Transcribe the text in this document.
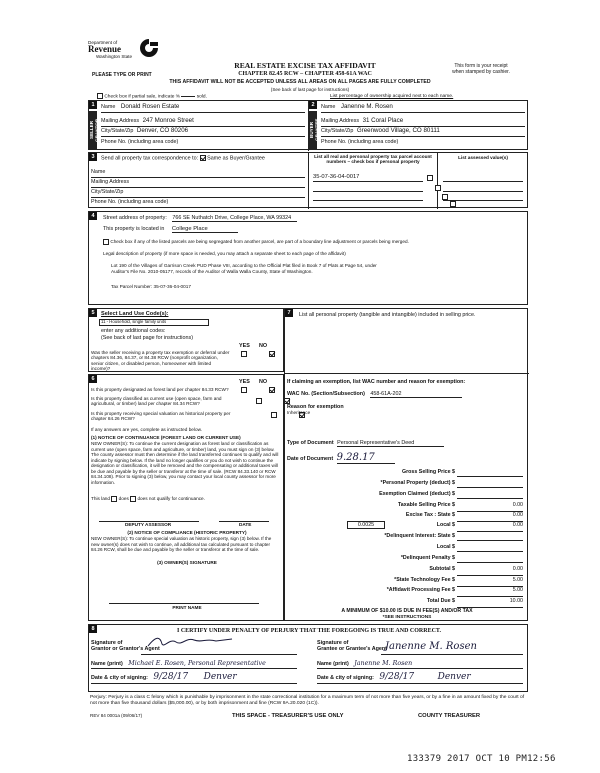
Department of
Revenue
Washington State
REAL ESTATE EXCISE TAX AFFIDAVIT
CHAPTER 82.45 RCW – CHAPTER 458-61A WAC
PLEASE TYPE OR PRINT
This form is your receipt
when stamped by cashier.
THIS AFFIDAVIT WILL NOT BE ACCEPTED UNLESS ALL AREAS ON ALL PAGES ARE FULLY COMPLETED
(See back of last page for instructions)
Check box if partial sale, indicate %	sold.	List percentage of ownership acquired next to each name.
1
SELLER GRANTOR
Name Donald Rosen Estate
Mailing Address 247 Monroe Street
City/State/Zip Denver, CO 80206
Phone No. (including area code)
2
BUYER GRANTEE
Name Janenne M. Rosen
Mailing Address 31 Coral Place
City/State/Zip Greenwood Village, CO 80111
Phone No. (including area code)
3	Send all property tax correspondence to: Same as Buyer/Grantee
Name
Mailing Address
City/State/Zip
Phone No. (including area code)
List all real and personal property tax parcel account numbers – check box if personal property
List assessed value(s)
35-07-36-04-0017

4	Street address of property: 766 SE Nuthatch Drive, College Place, WA 99324
This property is located in College Place
Check box if any of the listed parcels are being segregated from another parcel, are part of a boundary line adjustment or parcels being merged.
Legal description of property (if more space is needed, you may attach a separate sheet to each page of the affidavit)
Lot 190 of the Villages of Garrison Creek PUD Phase VIII, according to the Official Plat filed in Book 7 of Plats at Page 54, under
Auditor's File No. 2010-05177, records of the Auditor of Walla Walla County, State of Washington.
Tax Parcel Number: 35-07-36-04-0017
5	Select Land Use Code(s):
11 - Household, single family units
enter any additional codes:
(See back of last page for instructions)
YES NO
Was the seller receiving a property tax exemption or deferral under chapters 84.36, 84.37, or 84.38 RCW (nonprofit organization, senior citizen, or disabled person, homeowner with limited income)?

6	YES NO
Is this property designated as forest land per chapter 84.33 RCW?

Is this property classified as current use (open space, farm and agricultural, or timber) land per chapter 84.34 RCW?

Is this property receiving special valuation as historical property per chapter 84.26 RCW?

If any answers are yes, complete as instructed below.
(1) NOTICE OF CONTINUANCE (FOREST LAND OR CURRENT USE)
NEW OWNER(S): To continue the current designation as forest land or classification as current use (open space, farm and agriculture, or timber) land, you must sign on (3) below. The county assessor must then determine if the land transferred continues to qualify and will indicate by signing below. If the land no longer qualifies or you do not wish to continue the designation or classification, it will be removed and the compensating or additional taxes will be due and payable by the seller or transferor at the time of sale. (RCW 84.33.140 or RCW 84.34.108). Prior to signing (3) below, you may contact your local county assessor for more information.
This land does does not qualify for continuance.
DEPUTY ASSESSOR	DATE
(2) NOTICE OF COMPLIANCE (HISTORIC PROPERTY)
NEW OWNER(S): To continue special valuation as historic property, sign (3) below. If the new owner(s) does not wish to continue, all additional tax calculated pursuant to chapter 84.26 RCW, shall be due and payable by the seller or transferor at the time of sale.
(3) OWNER(S) SIGNATURE
PRINT NAME
7	List all personal property (tangible and intangible) included in selling price.
If claiming an exemption, list WAC number and reason for exemption:
WAC No. (Section/Subsection) 458-61A-202
Reason for exemption
Inheritance
Type of Document Personal Representative's Deed
Date of Document 9.28.17
Gross Selling Price $
*Personal Property (deduct) $
Exemption Claimed (deduct) $
Taxable Selling Price $	0.00
Excise Tax : State $	0.00
0.0025	Local $	0.00
*Delinquent Interest: State $
Local $
*Delinquent Penalty $
Subtotal $	0.00
*State Technology Fee $	5.00
*Affidavit Processing Fee $	5.00
Total Due $	10.00
A MINIMUM OF $10.00 IS DUE IN FEE(S) AND/OR TAX
*SEE INSTRUCTIONS
8	I CERTIFY UNDER PENALTY OF PERJURY THAT THE FOREGOING IS TRUE AND CORRECT.
Signature of
Grantor or Grantor's Agent
Name (print) Michael E. Rosen, Personal Representative
Date & city of signing: 9/28/17 Denver
Signature of
Grantee or Grantee's Agent
Janenne M. Rosen
Name (print) Janenne M. Rosen
Date & city of signing: 9/28/17	Denver
Perjury: Perjury is a class C felony which is punishable by imprisonment in the state correctional institution for a maximum term of not more than five years, or by a fine in an amount fixed by the court of not more than five thousand dollars ($5,000.00), or by both imprisonment and fine (RCW 9A.20.020 (1C)).
REV 84 0001a (09/06/17)	THIS SPACE - TREASURER'S USE ONLY	COUNTY TREASURER
133379 2017 OCT 10 PM12:56
